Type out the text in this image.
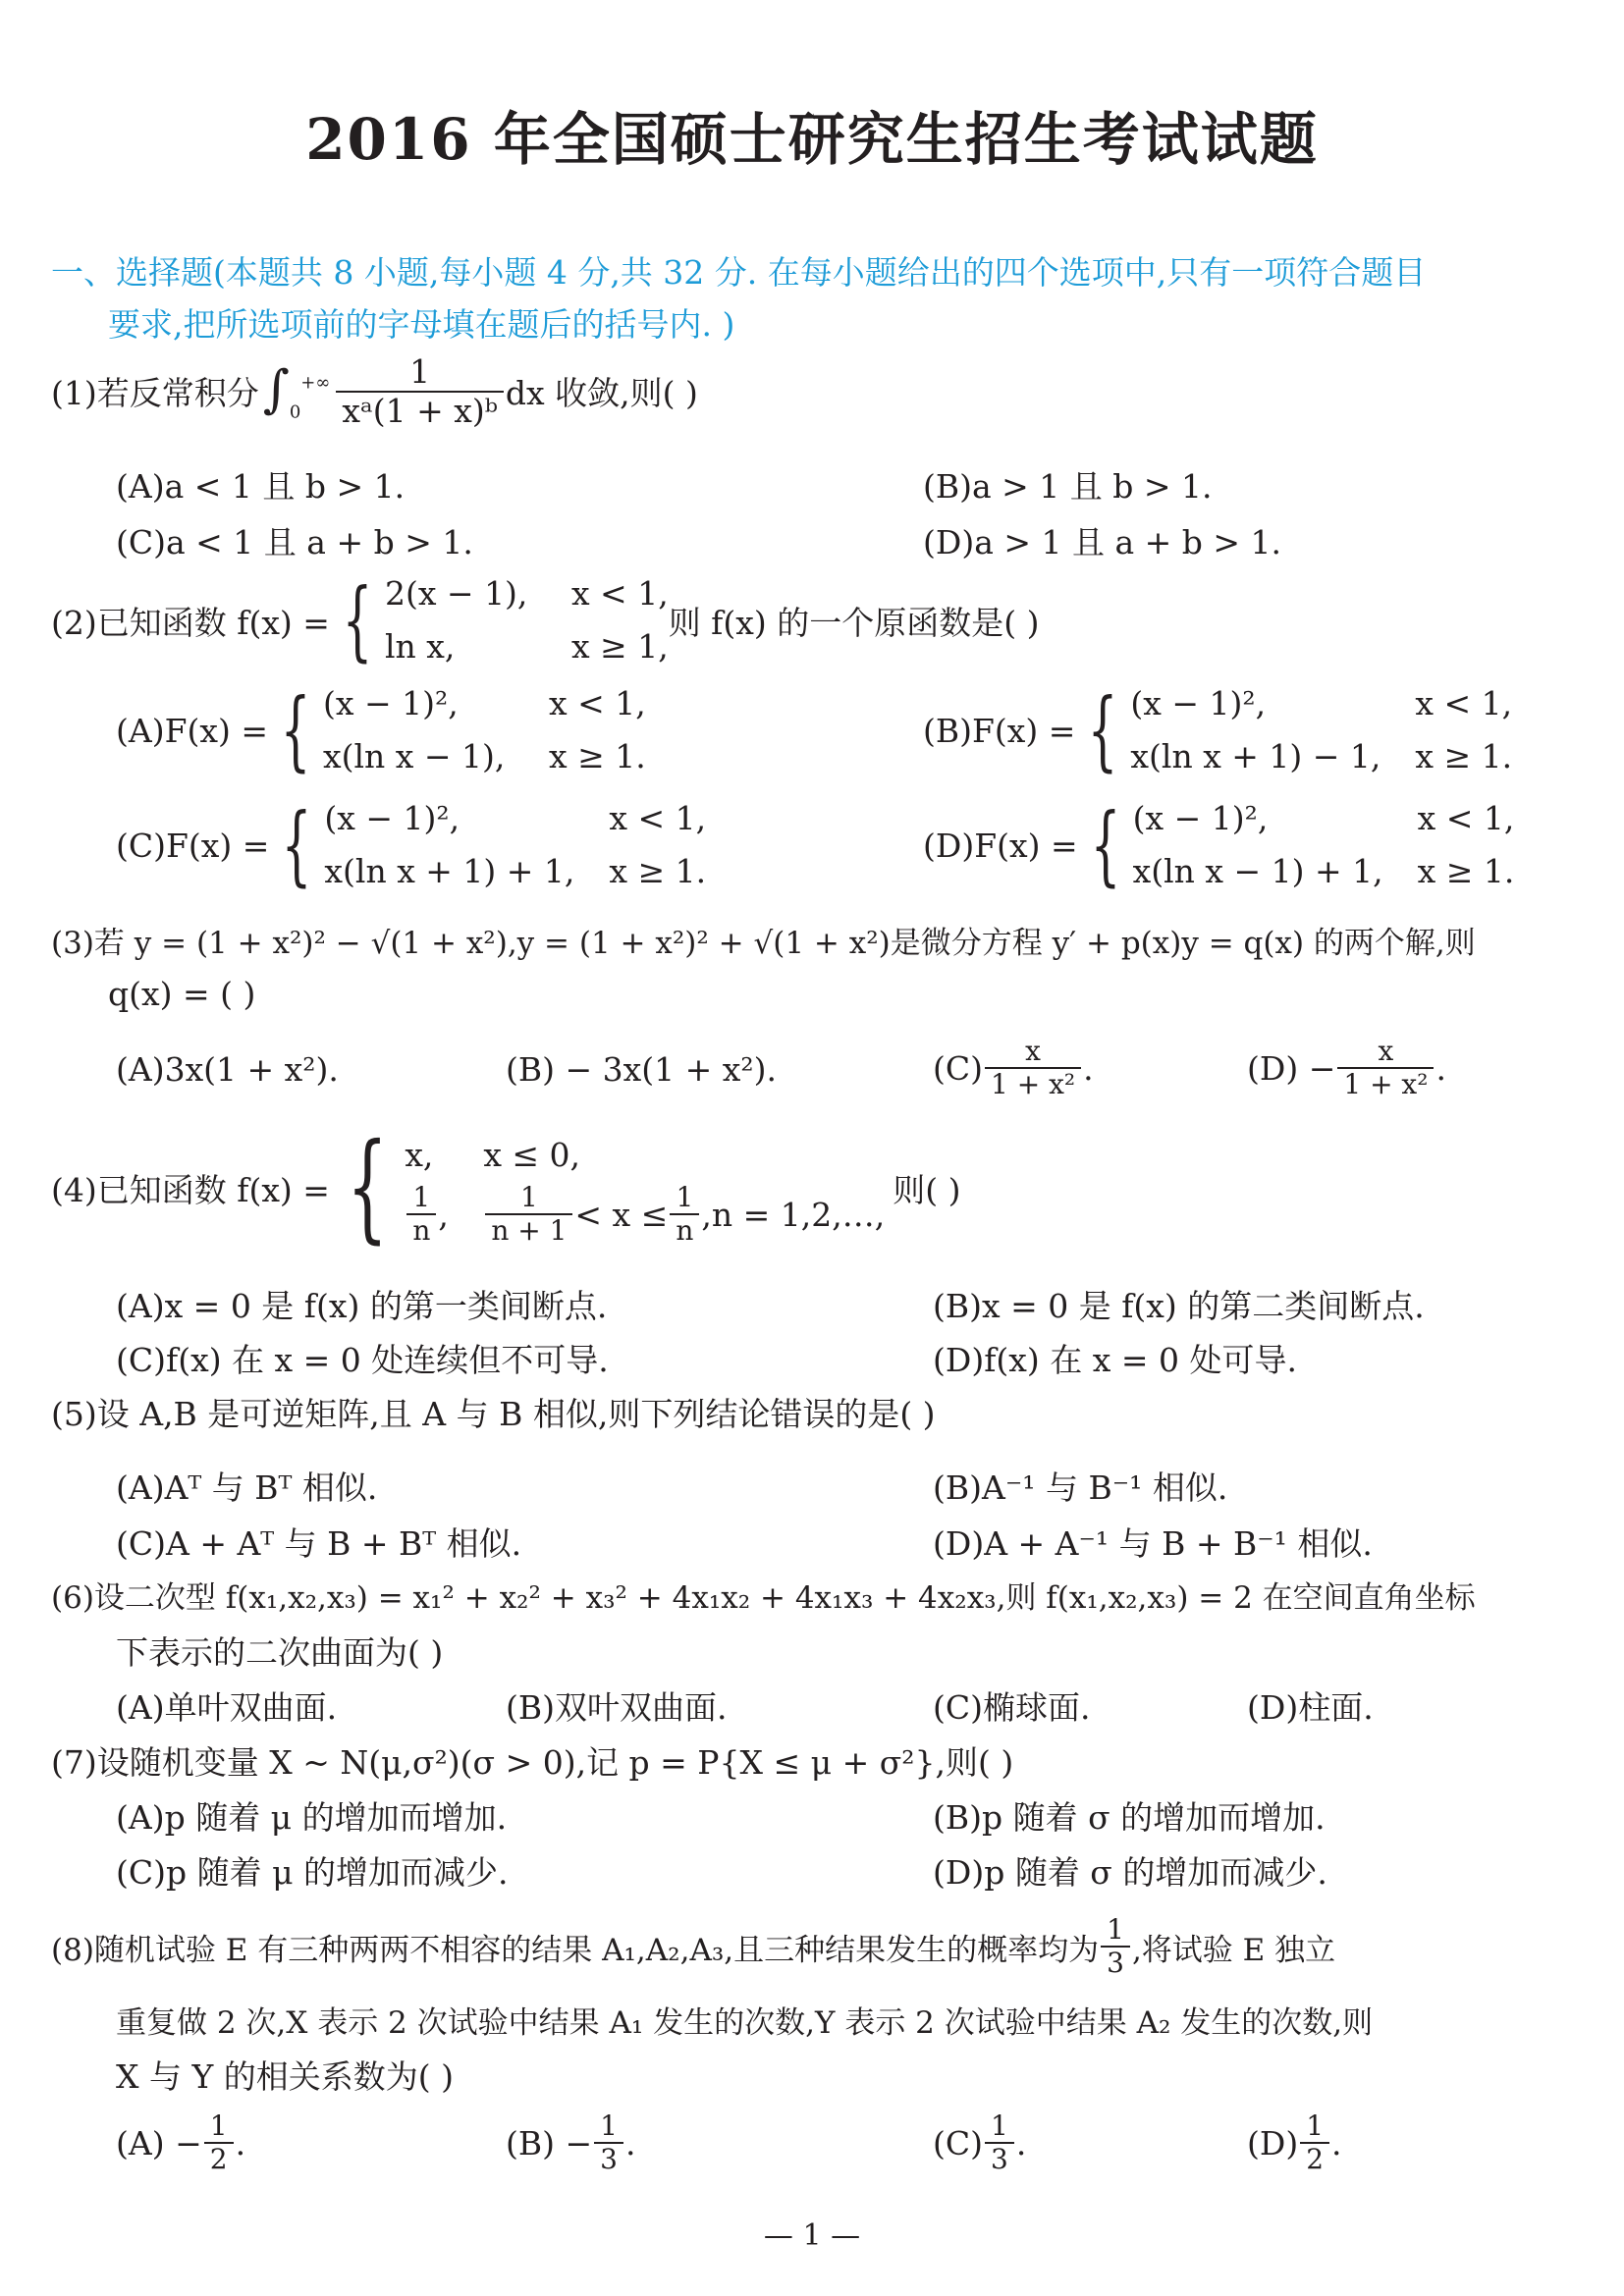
2016 年全国硕士研究生招生考试试题
一、选择题(本题共 8 小题,每小题 4 分,共 32 分. 在每小题给出的四个选项中,只有一项符合题目
要求,把所选项前的字母填在题后的括号内. )
(1)若反常积分 $\int_0^{+\infty} \frac{1}{\text{xᵃ(1 + x)ᵇ}}$ dx 收敛,则( )
(A)a < 1 且 b > 1.	(B)a > 1 且 b > 1.
(C)a < 1 且 a + b > 1.	(D)a > 1 且 a + b > 1.
(2)已知函数 f(x) = { 2(x − 1),	x < 1,
ln x,	x ≥ 1,
则 f(x) 的一个原函数是( )
(A)F(x) = { (x − 1)²,	x < 1,
x(ln x − 1),	x ≥ 1.
(B)F(x) = { (x − 1)²,	x < 1,
x(ln x + 1) − 1,	x ≥ 1.
(C)F(x) = { (x − 1)²,	x < 1,
x(ln x + 1) + 1,	x ≥ 1.
(D)F(x) = { (x − 1)²,	x < 1,
x(ln x − 1) + 1,	x ≥ 1.
(3)若 y = (1 + x²)² − √(1 + x²),y = (1 + x²)² + √(1 + x²)是微分方程 y′ + p(x)y = q(x) 的两个解,则
q(x) = ( )
(A)3x(1 + x²).	(B) − 3x(1 + x²).	$(C) \frac{x}{\text{1 + x²}}$ .	$(D) - \frac{x}{\text{1 + x²}}$ .
(4)已知函数 f(x) = { x,	x ≤ 0,
$\frac{1}{n}$ , $\frac{1}{n + 1} < x \le \frac{1}{n} ,n$ = 1,2,…,
则( )
(A)x = 0 是 f(x) 的第一类间断点.	(B)x = 0 是 f(x) 的第二类间断点.
(C)f(x) 在 x = 0 处连续但不可导.	(D)f(x) 在 x = 0 处可导.
(5)设 A,B 是可逆矩阵,且 A 与 B 相似,则下列结论错误的是( )
(A)Aᵀ 与 Bᵀ 相似.	(B)A⁻¹ 与 B⁻¹ 相似.
(C)A + Aᵀ 与 B + Bᵀ 相似.	(D)A + A⁻¹ 与 B + B⁻¹ 相似.
(6)设二次型 f(x₁,x₂,x₃) = x₁² + x₂² + x₃² + 4x₁x₂ + 4x₁x₃ + 4x₂x₃,则 f(x₁,x₂,x₃) = 2 在空间直角坐标
下表示的二次曲面为( )
(A)单叶双曲面.	(B)双叶双曲面.	(C)椭球面.	(D)柱面.
(7)设随机变量 X ~ N(μ,σ²)(σ > 0),记 p = P{X ≤ μ + σ²},则( )
(A)p 随着 μ 的增加而增加.	(B)p 随着 σ 的增加而增加.
(C)p 随着 μ 的增加而减少.	(D)p 随着 σ 的增加而减少.
(8)随机试验 E 有三种两两不相容的结果 A₁,A₂,A₃,且三种结果发生的概率均为 $\frac{1}{3}$ ,将试验 E 独立
重复做 2 次,X 表示 2 次试验中结果 A₁ 发生的次数,Y 表示 2 次试验中结果 A₂ 发生的次数,则
X 与 Y 的相关系数为( )
$(A) - \frac{1}{2}$ .	$(B) - \frac{1}{3}$ .	$(C) \frac{1}{3}$ .	$(D) \frac{1}{2}$ .
— 1 —
